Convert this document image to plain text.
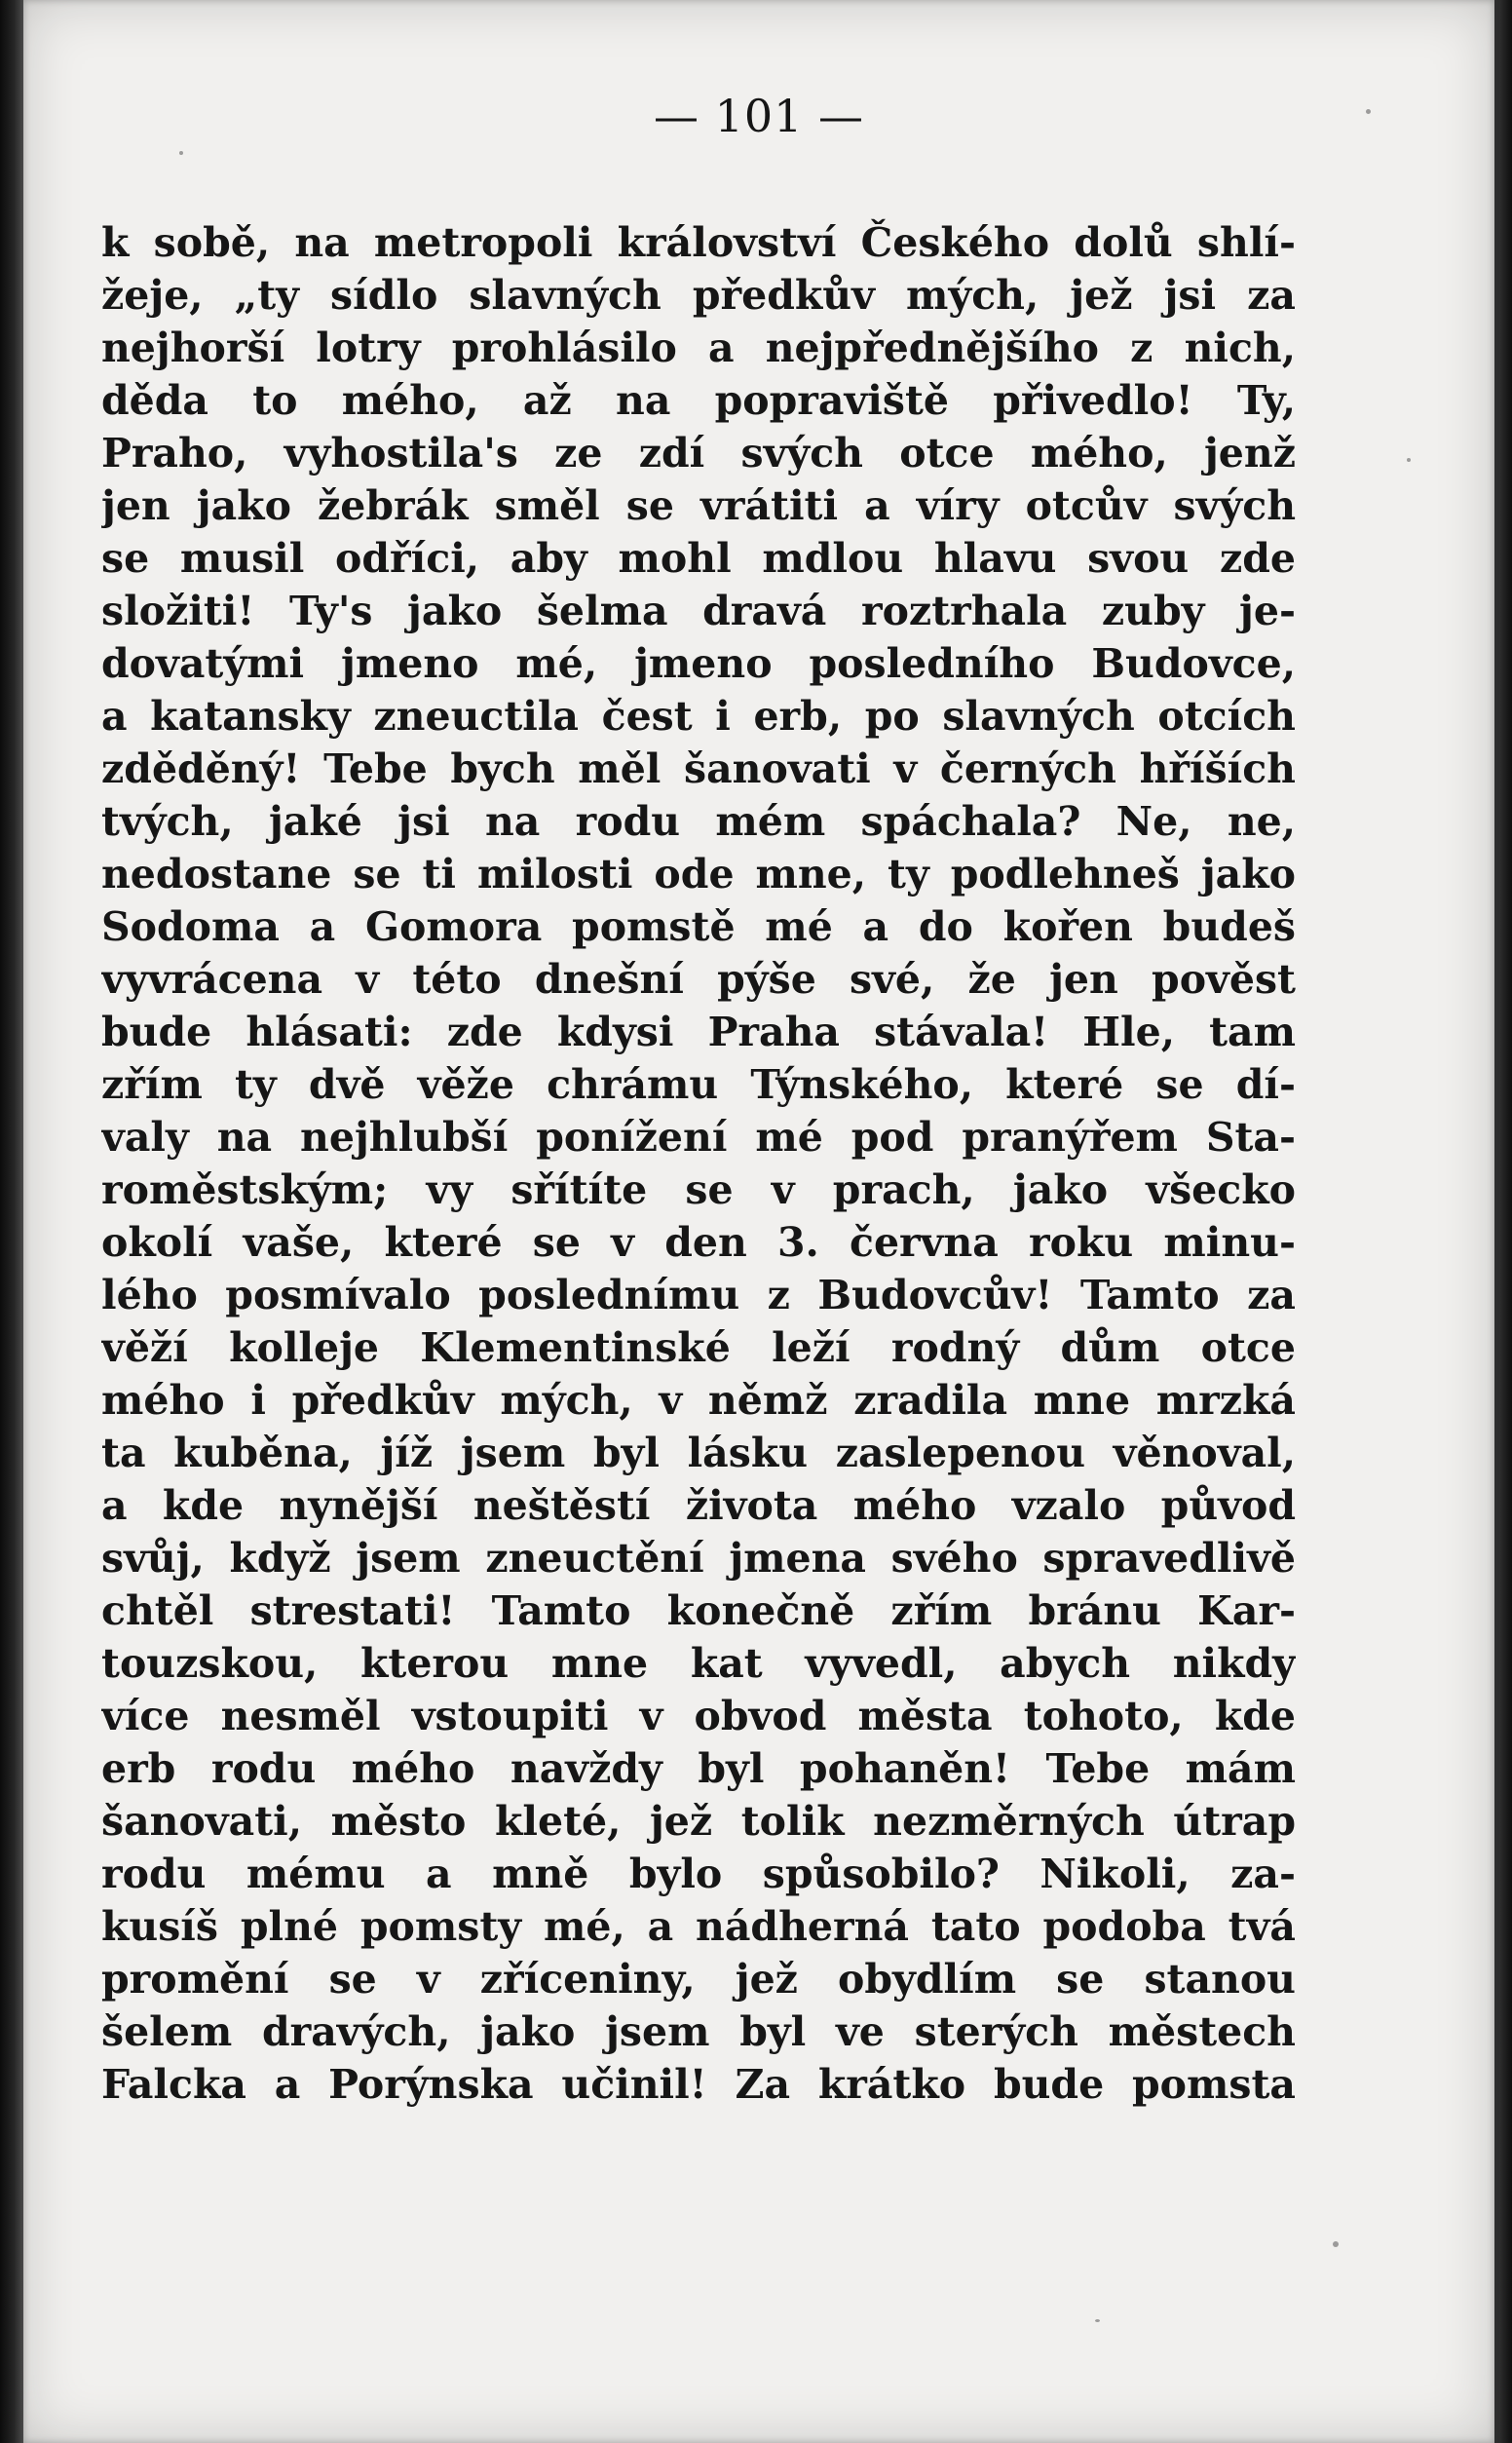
— 101 —
k sobě, na metropoli království Českého dolů shlí-
žeje, „ty sídlo slavných předkův mých, jež jsi za
nejhorší lotry prohlásilo a nejpřednějšího z nich,
děda to mého, až na popraviště přivedlo! Ty,
Praho, vyhostila's ze zdí svých otce mého, jenž
jen jako žebrák směl se vrátiti a víry otcův svých
se musil odříci, aby mohl mdlou hlavu svou zde
složiti! Ty's jako šelma dravá roztrhala zuby je-
dovatými jmeno mé, jmeno posledního Budovce,
a katansky zneuctila čest i erb, po slavných otcích
zděděný! Tebe bych měl šanovati v černých hříších
tvých, jaké jsi na rodu mém spáchala? Ne, ne,
nedostane se ti milosti ode mne, ty podlehneš jako
Sodoma a Gomora pomstě mé a do kořen budeš
vyvrácena v této dnešní pýše své, že jen pověst
bude hlásati: zde kdysi Praha stávala! Hle, tam
zřím ty dvě věže chrámu Týnského, které se dí-
valy na nejhlubší ponížení mé pod pranýřem Sta-
roměstským; vy sřítíte se v prach, jako všecko
okolí vaše, které se v den 3. června roku minu-
lého posmívalo poslednímu z Budovcův! Tamto za
věží kolleje Klementinské leží rodný dům otce
mého i předkův mých, v němž zradila mne mrzká
ta kuběna, jíž jsem byl lásku zaslepenou věnoval,
a kde nynější neštěstí života mého vzalo původ
svůj, když jsem zneuctění jmena svého spravedlivě
chtěl strestati! Tamto konečně zřím bránu Kar-
touzskou, kterou mne kat vyvedl, abych nikdy
více nesměl vstoupiti v obvod města tohoto, kde
erb rodu mého navždy byl pohaněn! Tebe mám
šanovati, město kleté, jež tolik nezměrných útrap
rodu mému a mně bylo spůsobilo? Nikoli, za-
kusíš plné pomsty mé, a nádherná tato podoba tvá
promění se v zříceniny, jež obydlím se stanou
šelem dravých, jako jsem byl ve sterých městech
Falcka a Porýnska učinil! Za krátko bude pomsta
